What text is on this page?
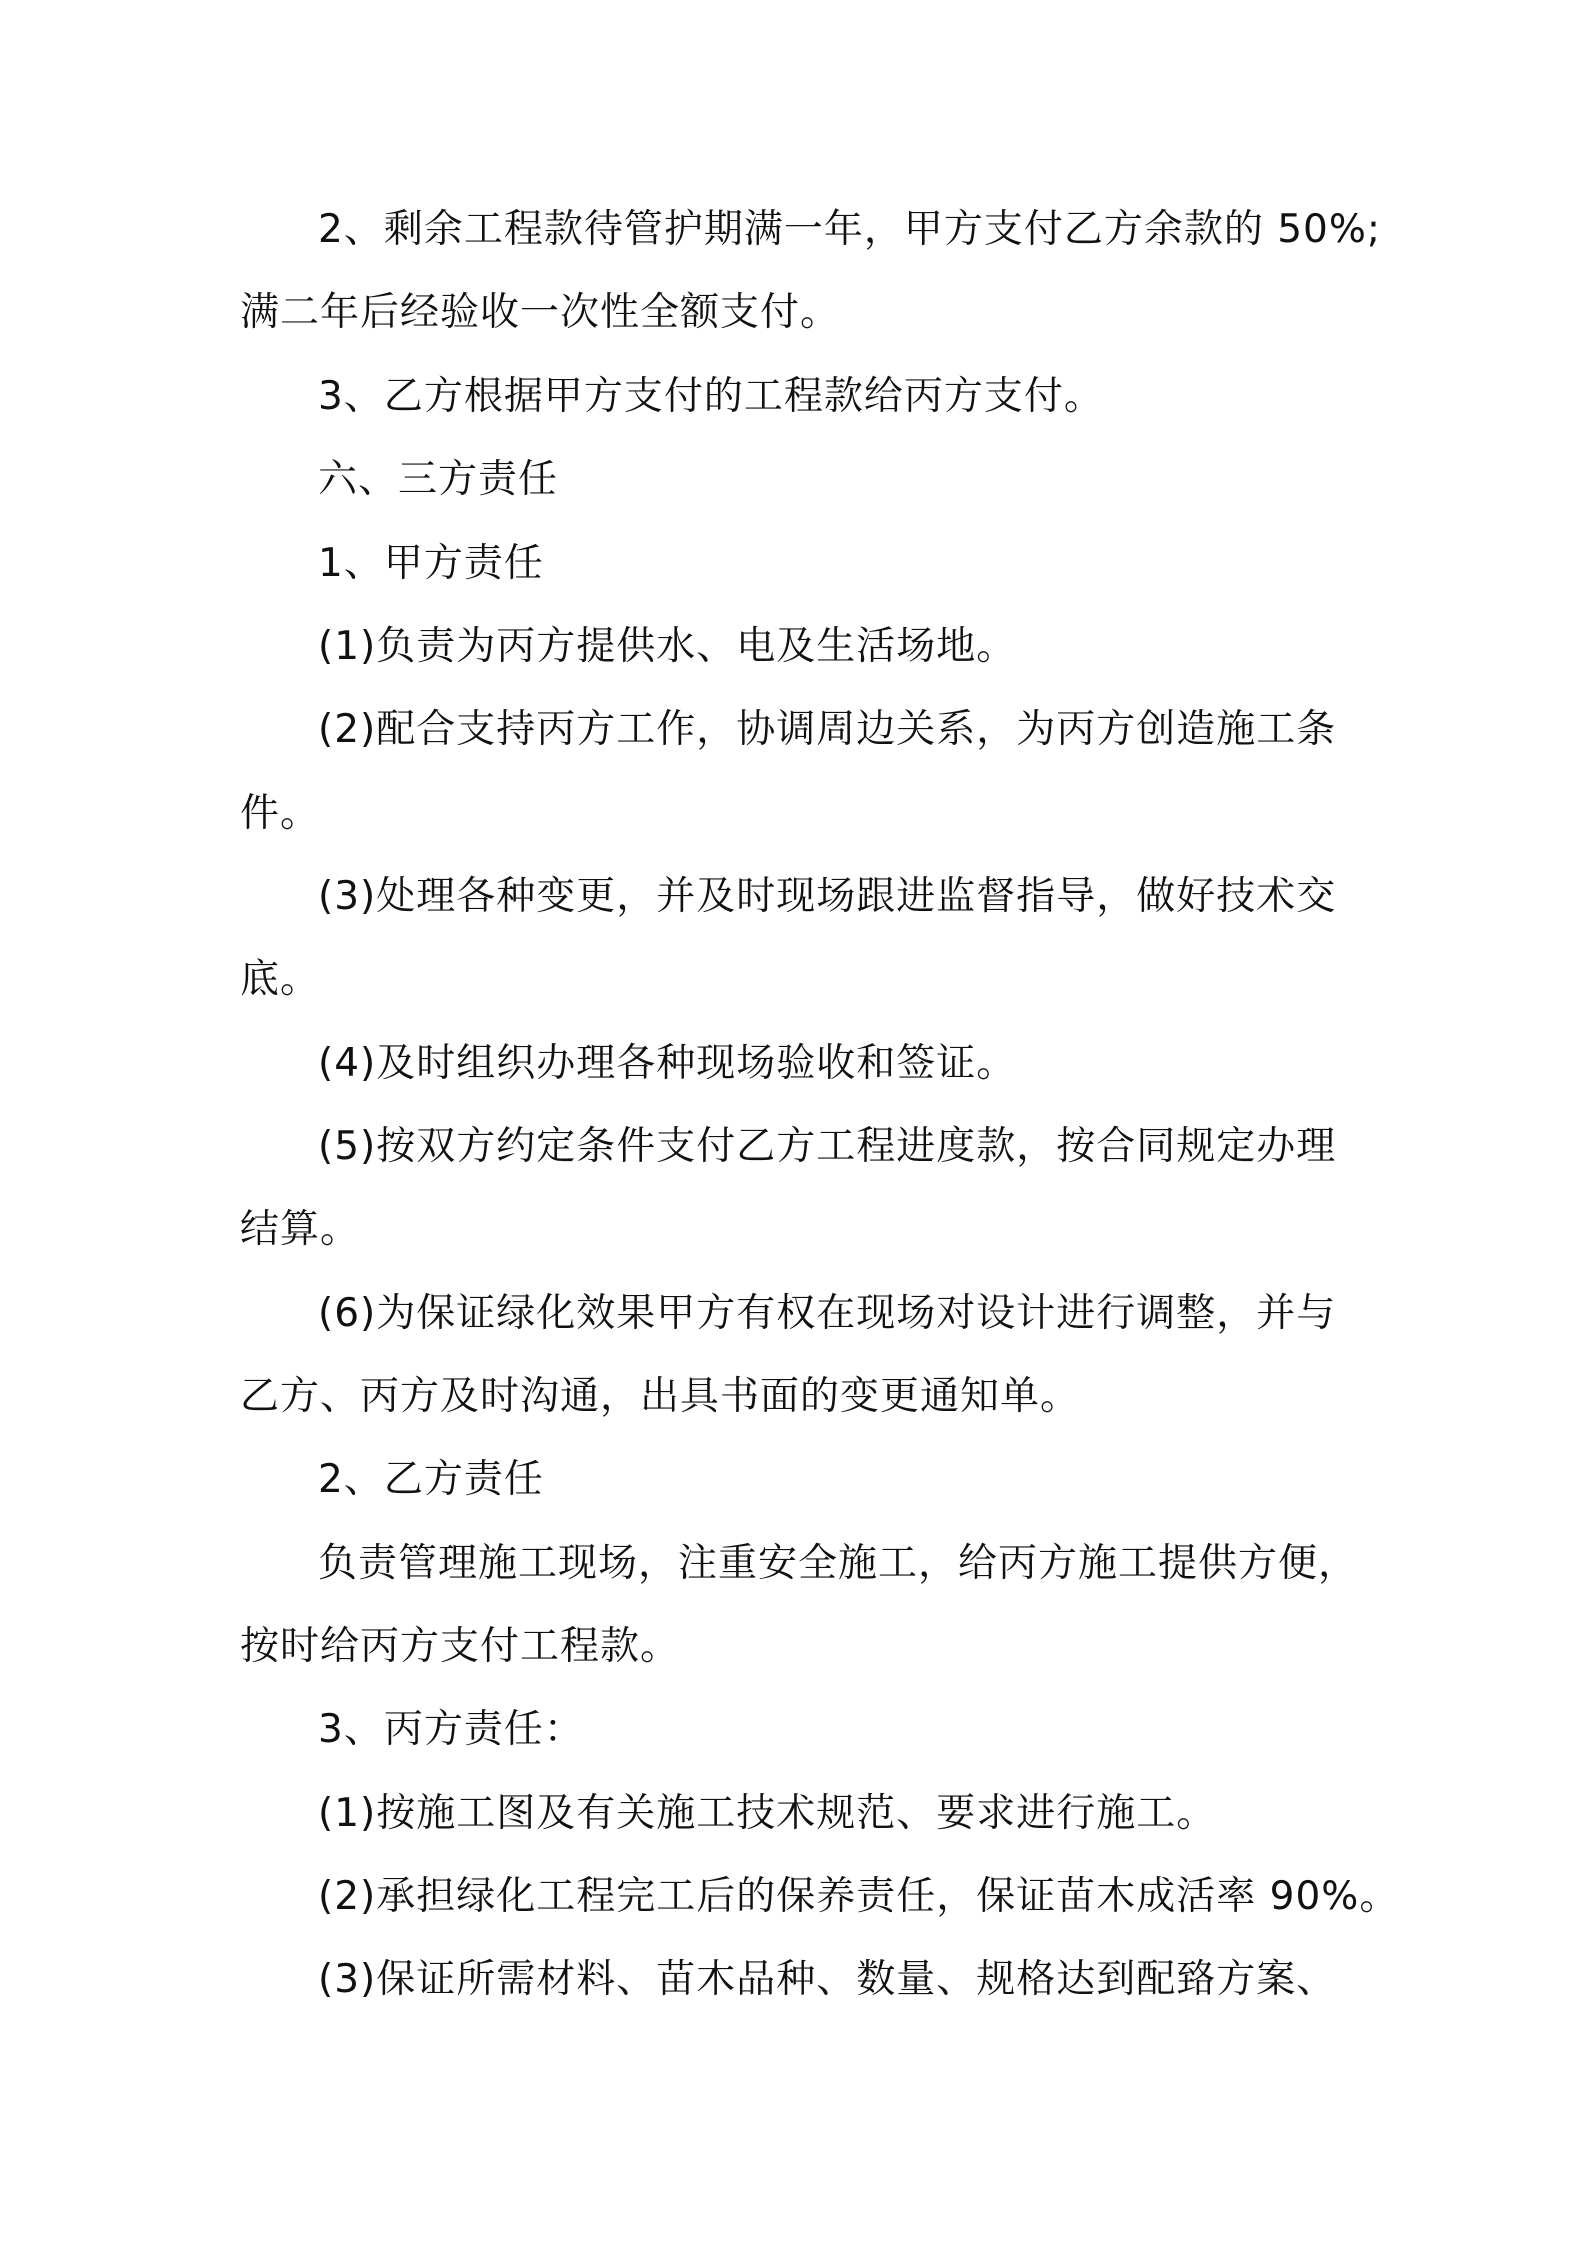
2、剩余工程款待管护期满一年，甲方支付乙方余款的 50%;

满二年后经验收一次性全额支付。

3、乙方根据甲方支付的工程款给丙方支付。

六、三方责任

1、甲方责任

(1)负责为丙方提供水、电及生活场地。

(2)配合支持丙方工作，协调周边关系，为丙方创造施工条

件。

(3)处理各种变更，并及时现场跟进监督指导，做好技术交

底。

(4)及时组织办理各种现场验收和签证。

(5)按双方约定条件支付乙方工程进度款，按合同规定办理

结算。

(6)为保证绿化效果甲方有权在现场对设计进行调整，并与

乙方、丙方及时沟通，出具书面的变更通知单。

2、乙方责任

负责管理施工现场，注重安全施工，给丙方施工提供方便，

按时给丙方支付工程款。

3、丙方责任：

(1)按施工图及有关施工技术规范、要求进行施工。

(2)承担绿化工程完工后的保养责任，保证苗木成活率 90%。

(3)保证所需材料、苗木品种、数量、规格达到配臵方案、
